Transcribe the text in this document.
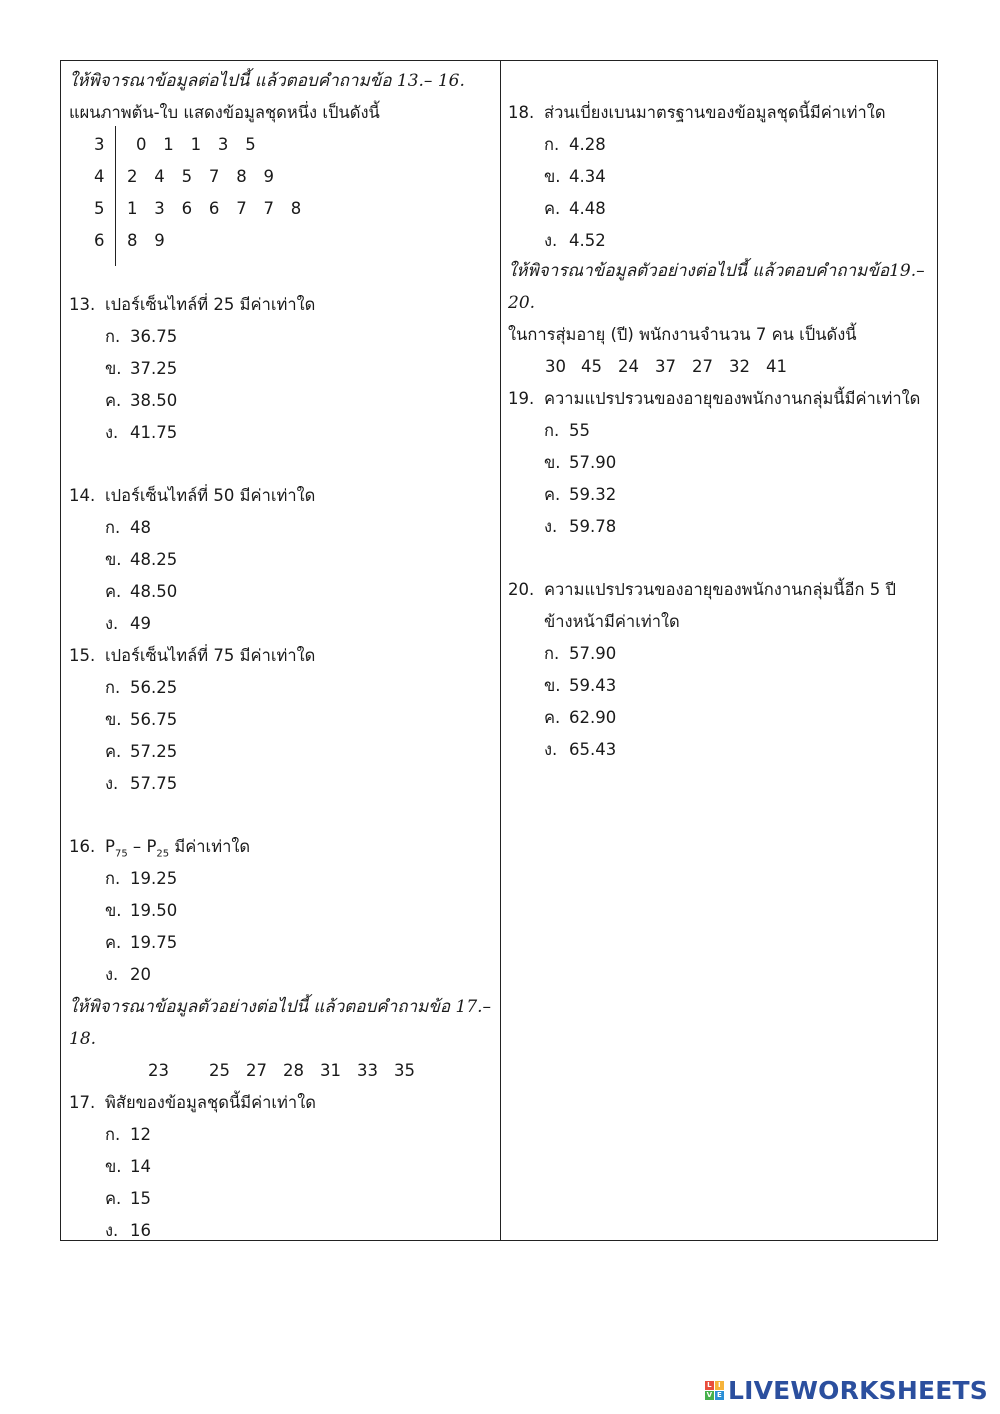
ให้พิจารณาข้อมูลต่อไปนี้ แล้วตอบคำถามข้อ 13.– 16.
แผนภาพต้น-ใบ แสดงข้อมูลชุดหนึ่ง เป็นดังนี้
3 0 1 1 3 5
4 2 4 5 7 8 9
5 1 3 6 6 7 7 8
6 8 9
13. เปอร์เซ็นไทล์ที่ 25 มีค่าเท่าใด
ก. 36.75
ข. 37.25
ค. 38.50
ง. 41.75
14. เปอร์เซ็นไทล์ที่ 50 มีค่าเท่าใด
ก. 48
ข. 48.25
ค. 48.50
ง. 49
15. เปอร์เซ็นไทล์ที่ 75 มีค่าเท่าใด
ก. 56.25
ข. 56.75
ค. 57.25
ง. 57.75
16. $P_{75} - P_{25}$ มีค่าเท่าใด
ก. 19.25
ข. 19.50
ค. 19.75
ง. 20
ให้พิจารณาข้อมูลตัวอย่างต่อไปนี้ แล้วตอบคำถามข้อ 17.–
18.
23 25 27 28 31 33 35
17. พิสัยของข้อมูลชุดนี้มีค่าเท่าใด
ก. 12
ข. 14
ค. 15
ง. 16
18. ส่วนเบี่ยงเบนมาตรฐานของข้อมูลชุดนี้มีค่าเท่าใด
ก. 4.28
ข. 4.34
ค. 4.48
ง. 4.52
ให้พิจารณาข้อมูลตัวอย่างต่อไปนี้ แล้วตอบคำถามข้อ19.–
20.
ในการสุ่มอายุ (ปี) พนักงานจำนวน 7 คน เป็นดังนี้
30 45 24 37 27 32 41
19. ความแปรปรวนของอายุของพนักงานกลุ่มนี้มีค่าเท่าใด
ก. 55
ข. 57.90
ค. 59.32
ง. 59.78
20. ความแปรปรวนของอายุของพนักงานกลุ่มนี้อีก 5 ปี
ข้างหน้ามีค่าเท่าใด
ก. 57.90
ข. 59.43
ค. 62.90
ง. 65.43
L I
V E LIVEWORKSHEETS
